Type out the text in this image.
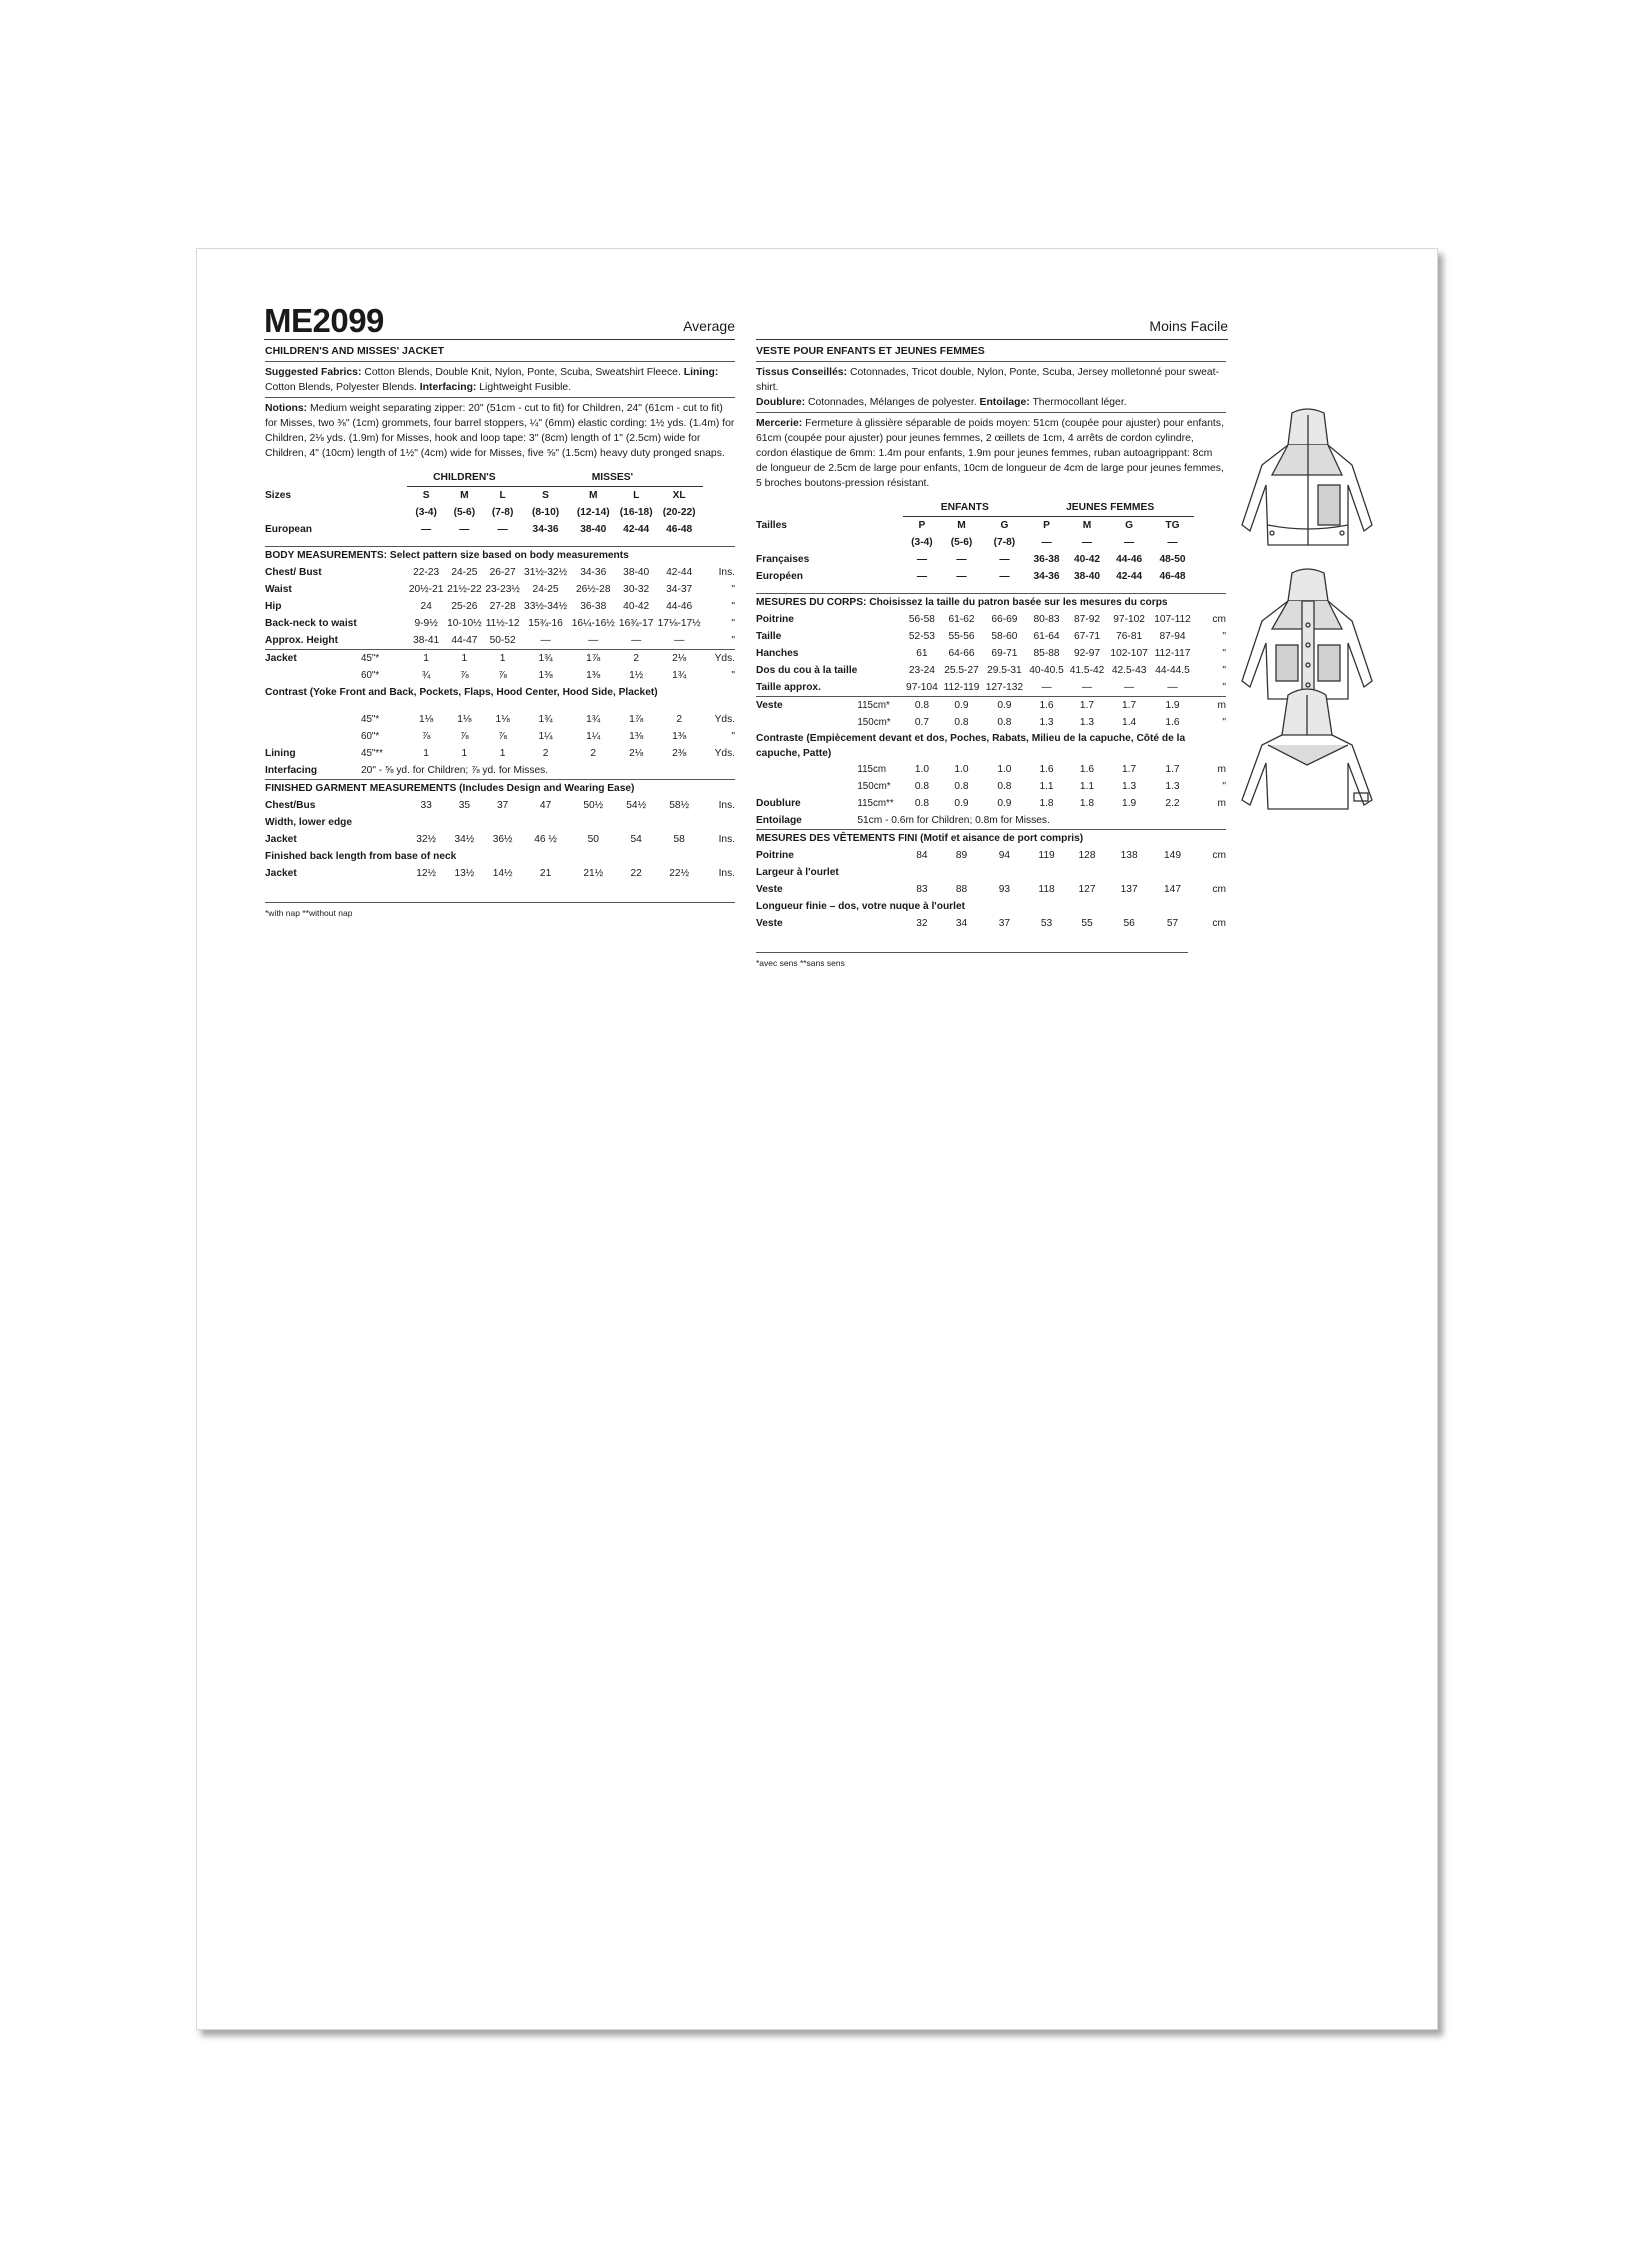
ME2099	Average	Moins Facile
CHILDREN'S AND MISSES' JACKET
Suggested Fabrics: Cotton Blends, Double Knit, Nylon, Ponte, Scuba, Sweatshirt Fleece. Lining: Cotton Blends, Polyester Blends. Interfacing: Lightweight Fusible.
Notions: Medium weight separating zipper: 20" (51cm - cut to fit) for Children, 24" (61cm - cut to fit) for Misses, two ⅜" (1cm) grommets, four barrel stoppers, ¼" (6mm) elastic cording: 1½ yds. (1.4m) for Children, 2⅛ yds. (1.9m) for Misses, hook and loop tape: 3" (8cm) length of 1" (2.5cm) wide for Children, 4" (10cm) length of 1½" (4cm) wide for Misses, five ⅝" (1.5cm) heavy duty pronged snaps.
		CHILDREN'S			MISSES'				
Sizes		S	M	L	S	M	L	XL	
		(3-4)	(5-6)	(7-8)	(8-10)	(12-14)	(16-18)	(20-22)	
European		—	—	—	34-36	38-40	42-44	46-48	

BODY MEASUREMENTS: Select pattern size based on body measurements									
Chest/ Bust		22-23	24-25	26-27	31½-32½	34-36	38-40	42-44	Ins.
Waist		20½-21	21½-22	23-23½	24-25	26½-28	30-32	34-37	"
Hip		24	25-26	27-28	33½-34½	36-38	40-42	44-46	"
Back-neck to waist		9-9½	10-10½	11½-12	15¾-16	16¼-16½	16¾-17	17⅛-17½	"
Approx. Height		38-41	44-47	50-52	—	—	—	—	"
Jacket	45"*	1	1	1	1¾	1⅞	2	2⅛	Yds.
	60"*	¾	⅞	⅞	1⅜	1⅜	1½	1¾	"
Contrast (Yoke Front and Back, Pockets, Flaps, Hood Center, Hood Side, Placket)									

	45"*	1⅛	1⅛	1⅛	1¾	1¾	1⅞	2	Yds.
	60"*	⅞	⅞	⅞	1¼	1¼	1⅜	1⅜	"
Lining	45"**	1	1	1	2	2	2⅛	2⅜	Yds.
Interfacing	20" - ⅝ yd. for Children; ⅞ yd. for Misses.								
FINISHED GARMENT MEASUREMENTS (Includes Design and Wearing Ease)									
Chest/Bus		33	35	37	47	50½	54½	58½	Ins.
Width, lower edge									
Jacket		32½	34½	36½	46 ½	50	54	58	Ins.
Finished back length from base of neck									
Jacket		12½	13½	14½	21	21½	22	22½	Ins.
*with nap **without nap
VESTE POUR ENFANTS ET JEUNES FEMMES
Tissus Conseillés: Cotonnades, Tricot double, Nylon, Ponte, Scuba, Jersey molletonné pour sweat-shirt.
Doublure: Cotonnades, Mélanges de polyester. Entoilage: Thermocollant léger.
Mercerie: Fermeture à glissière séparable de poids moyen: 51cm (coupée pour ajuster) pour enfants, 61cm (coupée pour ajuster) pour jeunes femmes, 2 œillets de 1cm, 4 arrêts de cordon cylindre, cordon élastique de 6mm: 1.4m pour enfants, 1.9m pour jeunes femmes, ruban autoagrippant: 8cm de longueur de 2.5cm de large pour enfants, 10cm de longueur de 4cm de large pour jeunes femmes, 5 broches boutons-pression résistant.
		ENFANTS			JEUNES FEMMES				
Tailles		P	M	G	P	M	G	TG	
		(3-4)	(5-6)	(7-8)	—	—	—	—	
Françaises		—	—	—	36-38	40-42	44-46	48-50	
Européen		—	—	—	34-36	38-40	42-44	46-48	

MESURES DU CORPS: Choisissez la taille du patron basée sur les mesures du corps									
Poitrine		56-58	61-62	66-69	80-83	87-92	97-102	107-112	cm
Taille		52-53	55-56	58-60	61-64	67-71	76-81	87-94	"
Hanches		61	64-66	69-71	85-88	92-97	102-107	112-117	"
Dos du cou à la taille		23-24	25.5-27	29.5-31	40-40.5	41.5-42	42.5-43	44-44.5	"
Taille approx.		97-104	112-119	127-132	—	—	—	—	"
Veste	115cm*	0.8	0.9	0.9	1.6	1.7	1.7	1.9	m
	150cm*	0.7	0.8	0.8	1.3	1.3	1.4	1.6	"
Contraste (Empiècement devant et dos, Poches, Rabats, Milieu de la capuche, Côté de la capuche, Patte)									
	115cm	1.0	1.0	1.0	1.6	1.6	1.7	1.7	m
	150cm*	0.8	0.8	0.8	1.1	1.1	1.3	1.3	"
Doublure	115cm**	0.8	0.9	0.9	1.8	1.8	1.9	2.2	m
Entoilage	51cm - 0.6m for Children; 0.8m for Misses.								
MESURES DES VÊTEMENTS FINI (Motif et aisance de port compris)									
Poitrine		84	89	94	119	128	138	149	cm
Largeur à l'ourlet									
Veste		83	88	93	118	127	137	147	cm
Longueur finie – dos, votre nuque à l'ourlet									
Veste		32	34	37	53	55	56	57	cm
*avec sens **sans sens
